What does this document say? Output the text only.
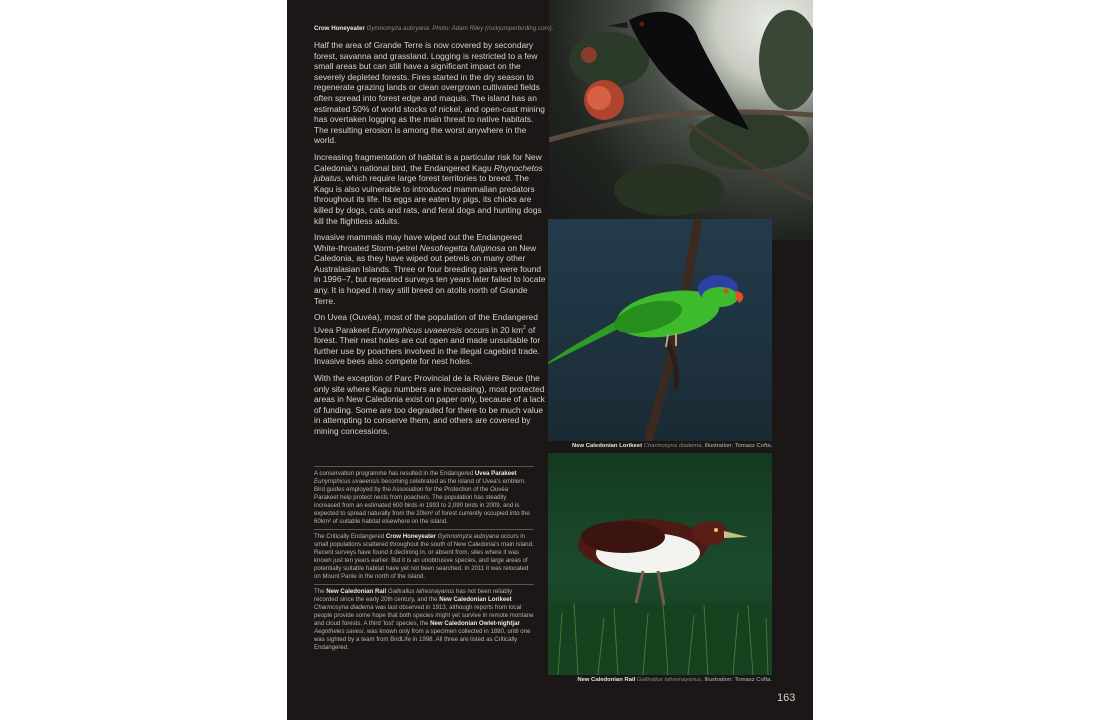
Crow Honeyeater Gymnomyza aubryana. Photo: Adam Riley (rockjumperbirding.com).

Half the area of Grande Terre is now covered by secondary forest, savanna and grassland. Logging is restricted to a few small areas but can still have a significant impact on the severely depleted forests. Fires started in the dry season to regenerate grazing lands or clean overgrown cultivated fields often spread into forest edge and maquis. The island has an estimated 50% of world stocks of nickel, and open-cast mining has overtaken logging as the main threat to native habitats. The resulting erosion is among the worst anywhere in the world.

Increasing fragmentation of habitat is a particular risk for New Caledonia's national bird, the Endangered Kagu Rhynochetos jubatus, which require large forest territories to breed. The Kagu is also vulnerable to introduced mammalian predators throughout its life. Its eggs are eaten by pigs, its chicks are killed by dogs, cats and rats, and feral dogs and hunting dogs kill the flightless adults.

Invasive mammals may have wiped out the Endangered White-throated Storm-petrel Nesofregetta fuliginosa on New Caledonia, as they have wiped out petrels on many other Australasian Islands. Three or four breeding pairs were found in 1996–7, but repeated surveys ten years later failed to locate any. It is hoped it may still breed on atolls north of Grande Terre.

On Uvea (Ouvéa), most of the population of the Endangered Uvea Parakeet Eunymphicus uvaeensis occurs in 20 $km^2$ of forest. Their nest holes are cut open and made unsuitable for further use by poachers involved in the illegal cagebird trade. Invasive bees also compete for nest holes.

With the exception of Parc Provincial de la Rivière Bleue (the only site where Kagu numbers are increasing), most protected areas in New Caledonia exist on paper only, because of a lack of funding. Some are too degraded for there to be much value in attempting to conserve them, and others are covered by mining concessions.

New Caledonian Lorikeet Charmosyna diadema. Illustration: Tomasz Cofta.
New Caledonian Rail Gallirallus lafresnayanus. Illustration: Tomasz Cofta.
A conservation programme has resulted in the Endangered Uvea Parakeet Eunymphicus uvaeensis becoming celebrated as the island of Uvea's emblem. Bird guides employed by the Association for the Protection of the Ouvéa Parakeet help protect nests from poachers. The population has steadily increased from an estimated 600 birds in 1993 to 2,090 birds in 2009, and is expected to spread naturally from the 20km² of forest currently occupied into the 60km² of suitable habitat elsewhere on the island.
The Critically Endangered Crow Honeyeater Gymnomyza aubryana occurs in small populations scattered throughout the south of New Caledonia's main island. Recent surveys have found it declining in, or absent from, sites where it was known just ten years earlier. But it is an unobtrusive species, and large areas of potentially suitable habitat have yet not been searched. In 2011 it was relocated on Mount Panie in the north of the island.
The New Caledonian Rail Gallirallus lafresnayanus has not been reliably recorded since the early 20th century, and the New Caledonian Lorikeet Charmosyna diadema was last observed in 1913, although reports from local people provide some hope that both species might yet survive in remote montane and cloud forests. A third 'lost' species, the New Caledonian Owlet-nightjar Aegotheles savesi, was known only from a specimen collected in 1880, until one was sighted by a team from BirdLife in 1998. All three are listed as Critically Endangered.
163
